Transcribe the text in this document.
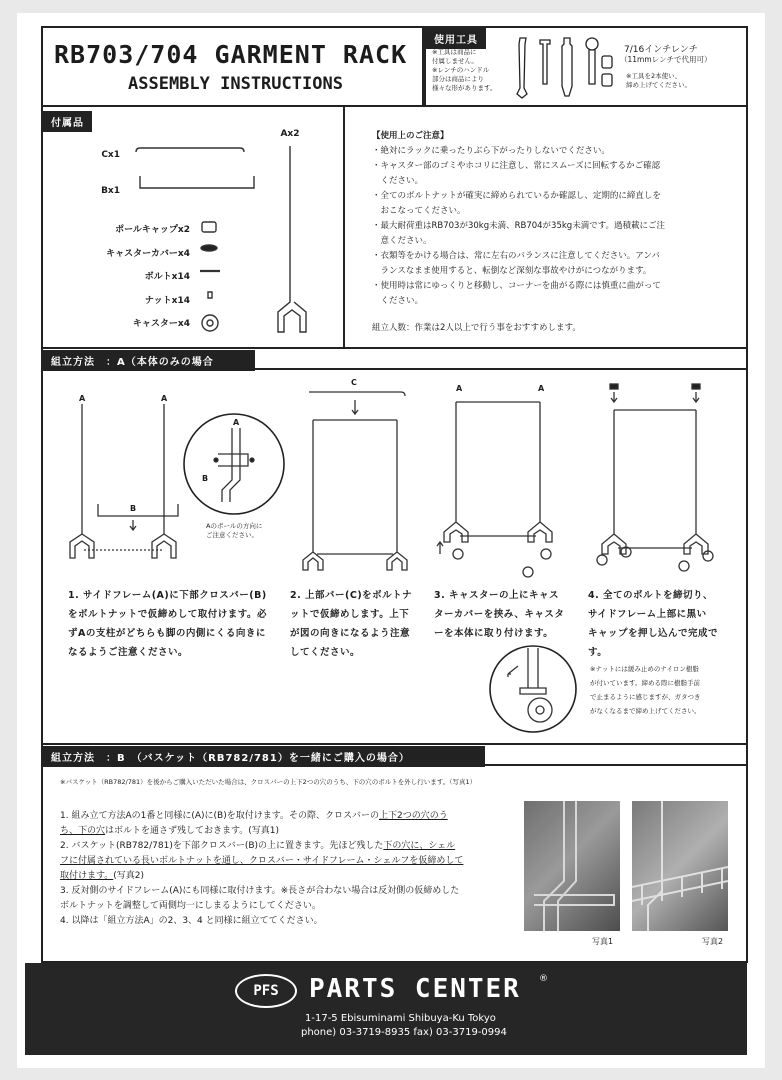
RB703/704 GARMENT RACK
ASSEMBLY INSTRUCTIONS
使用工具
※工具は商品に
付属しません。
※レンチのハンドル
部分は商品により
様々な形があります。
7/16インチレンチ
（11mmレンチで代用可）
※工具を2本使い、
締め上げてください。
付属品
Ax2
Cx1
Bx1
ポールキャップx2
キャスターカバーx4
ボルトx14
ナットx14
キャスターx4
【使用上のご注意】
・絶対にラックに乗ったりぶら下がったりしないでください。
・キャスター部のゴミやホコリに注意し、常にスムーズに回転するかご確認
　ください。
・全てのボルトナットが確実に締められているか確認し、定期的に締直しを
　おこなってください。
・最大耐荷重はRB703が30kg未満、RB704が35kg未満です。過積載にご注
　意ください。
・衣類等をかける場合は、常に左右のバランスに注意してください。アンバ
　ランスなまま使用すると、転倒など深刻な事故やけがにつながります。
・使用時は常にゆっくりと移動し、コーナーを曲がる際には慎重に曲がって
　ください。
組立人数：作業は2人以上で行う事をおすすめします。
組立方法　：A（本体のみの場合
A	A
B
A
B
Aのポールの方向に
ご注意ください。
C
A	A
1. サイドフレーム(A)に下部クロスバー(B)
をボルトナットで仮締めして取付けます。必
ずAの支柱がどちらも脚の内側にくる向きに
なるようご注意ください。
2. 上部バー(C)をボルトナ
ットで仮締めします。上下
が図の向きになるよう注意
してください。
3. キャスターの上にキャス
ターカバーを挟み、キャスタ
ーを本体に取り付けます。
4. 全てのボルトを締切り、
サイドフレーム上部に黒い
キャップを押し込んで完成で
す。
※ナットには緩み止めのナイロン樹脂
が付いています。締める際に樹脂手前
で止まるように感じますが、ガタつき
がなくなるまで締め上げてください。
組立方法　：B　（バスケット（RB782/781）を一緒にご購入の場合）
※バスケット（RB782/781）を後からご購入いただいた場合は、クロスバーの上下2つの穴のうち、下の穴のボルトを外し行います。（写真1）
1. 組み立て方法Aの1番と同様に(A)に(B)を取付けます。その際、クロスバーの上下2つの穴のう
ち、下の穴はボルトを通さず残しておきます。(写真1)
2. バスケット(RB782/781)を下部クロスバー(B)の上に置きます。先ほど残した下の穴に、シェル
フに付属されている長いボルトナットを通し、クロスバー・サイドフレーム・シェルフを仮締めして
取付けます。(写真2)
3. 反対側のサイドフレーム(A)にも同様に取付けます。※長さが合わない場合は反対側の仮締めした
ボルトナットを調整して両側均一にしまるようにしてください。
4. 以降は「組立方法A」の2、3、4 と同様に組立ててください。
写真1	写真2
PFS	PARTS CENTER ®
1-17-5 Ebisuminami Shibuya-Ku Tokyo
phone) 03-3719-8935 fax) 03-3719-0994
